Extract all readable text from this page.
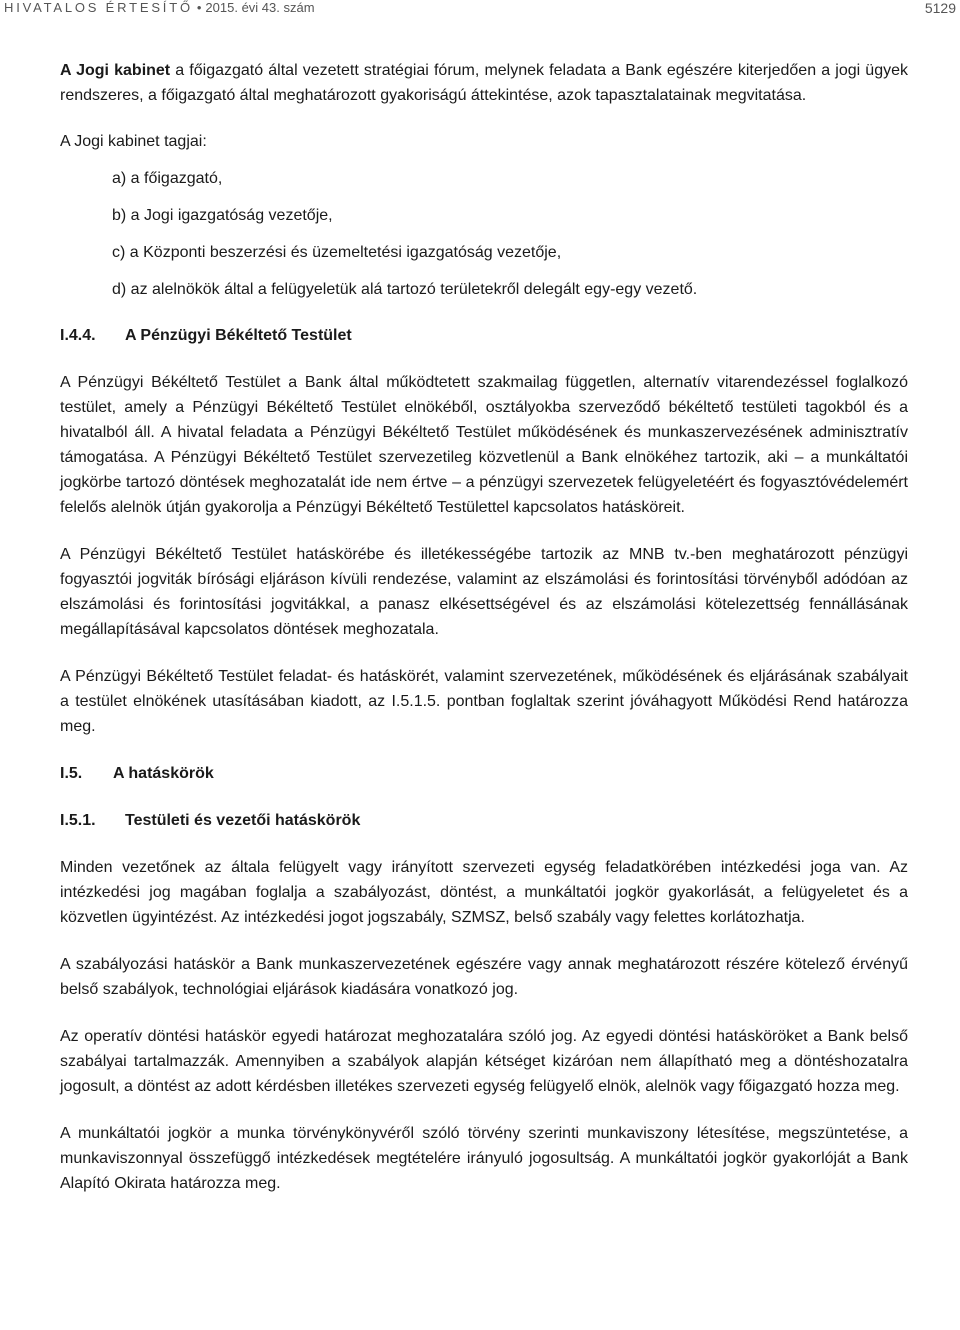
HIVATALOS ÉRTESÍTŐ • 2015. évi 43. szám	5129

A Jogi kabinet a főigazgató által vezetett stratégiai fórum, melynek feladata a Bank egészére kiterjedően a jogi ügyek rendszeres, a főigazgató által meghatározott gyakoriságú áttekintése, azok tapasztalatainak megvitatása.

A Jogi kabinet tagjai:

a) a főigazgató,

b) a Jogi igazgatóság vezetője,

c) a Központi beszerzési és üzemeltetési igazgatóság vezetője,

d) az alelnökök által a felügyeletük alá tartozó területekről delegált egy-egy vezető.

I.4.4.	A Pénzügyi Békéltető Testület

A Pénzügyi Békéltető Testület a Bank által működtetett szakmailag független, alternatív vitarendezéssel foglalkozó testület, amely a Pénzügyi Békéltető Testület elnökéből, osztályokba szerveződő békéltető testületi tagokból és a hivatalból áll. A hivatal feladata a Pénzügyi Békéltető Testület működésének és munkaszervezésének adminisztratív támogatása. A Pénzügyi Békéltető Testület szervezetileg közvetlenül a Bank elnökéhez tartozik, aki – a munkáltatói jogkörbe tartozó döntések meghozatalát ide nem értve – a pénzügyi szervezetek felügyeletéért és fogyasztóvédelemért felelős alelnök útján gyakorolja a Pénzügyi Békéltető Testülettel kapcsolatos hatásköreit.

A Pénzügyi Békéltető Testület hatáskörébe és illetékességébe tartozik az MNB tv.-ben meghatározott pénzügyi fogyasztói jogviták bírósági eljáráson kívüli rendezése, valamint az elszámolási és forintosítási törvényből adódóan az elszámolási és forintosítási jogvitákkal, a panasz elkésettségével és az elszámolási kötelezettség fennállásának megállapításával kapcsolatos döntések meghozatala.

A Pénzügyi Békéltető Testület feladat- és hatáskörét, valamint szervezetének, működésének és eljárásának szabályait a testület elnökének utasításában kiadott, az I.5.1.5. pontban foglaltak szerint jóváhagyott Működési Rend határozza meg.

I.5.	A hatáskörök
I.5.1.	Testületi és vezetői hatáskörök

Minden vezetőnek az általa felügyelt vagy irányított szervezeti egység feladatkörében intézkedési joga van. Az intézkedési jog magában foglalja a szabályozást, döntést, a munkáltatói jogkör gyakorlását, a felügyeletet és a közvetlen ügyintézést. Az intézkedési jogot jogszabály, SZMSZ, belső szabály vagy felettes korlátozhatja.

A szabályozási hatáskör a Bank munkaszervezetének egészére vagy annak meghatározott részére kötelező érvényű belső szabályok, technológiai eljárások kiadására vonatkozó jog.

Az operatív döntési hatáskör egyedi határozat meghozatalára szóló jog. Az egyedi döntési hatásköröket a Bank belső szabályai tartalmazzák. Amennyiben a szabályok alapján kétséget kizáróan nem állapítható meg a döntéshozatalra jogosult, a döntést az adott kérdésben illetékes szervezeti egység felügyelő elnök, alelnök vagy főigazgató hozza meg.

A munkáltatói jogkör a munka törvénykönyvéről szóló törvény szerinti munkaviszony létesítése, megszüntetése, a munkaviszonnyal összefüggő intézkedések megtételére irányuló jogosultság. A munkáltatói jogkör gyakorlóját a Bank Alapító Okirata határozza meg.
